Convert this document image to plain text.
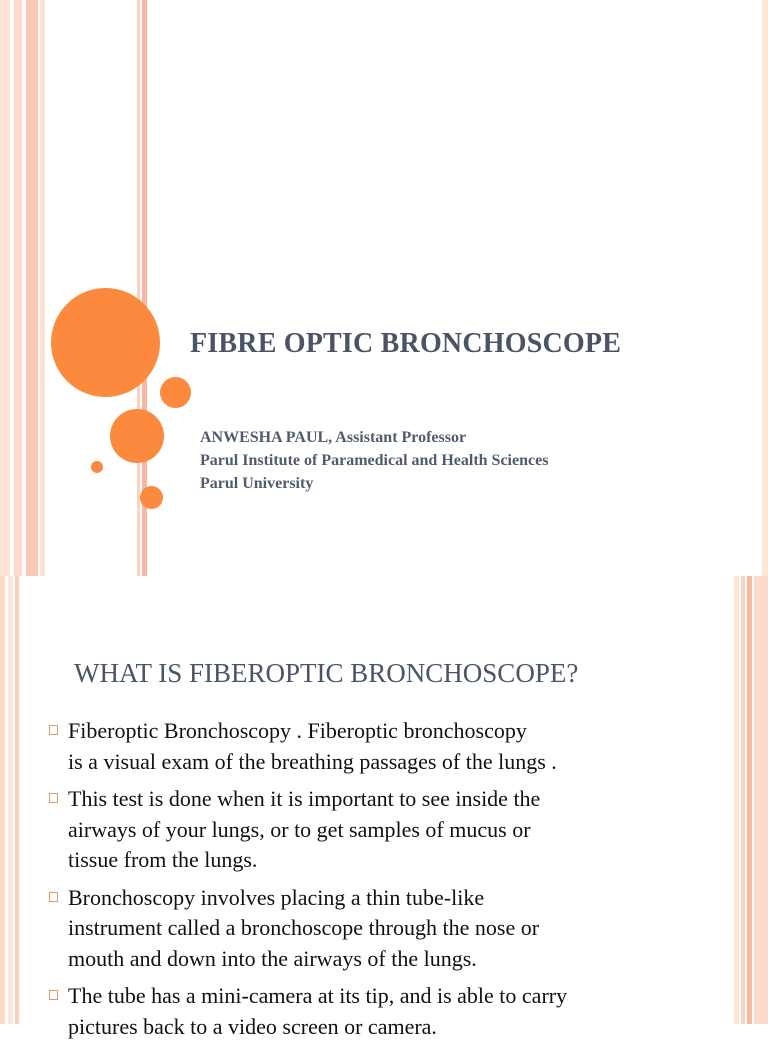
FIBRE OPTIC BRONCHOSCOPE
ANWESHA PAUL, Assistant Professor
Parul Institute of Paramedical and Health Sciences
Parul University
WHAT IS FIBEROPTIC BRONCHOSCOPE?
Fiberoptic Bronchoscopy . Fiberoptic bronchoscopy
is a visual exam of the breathing passages of the lungs .
This test is done when it is important to see inside the
airways of your lungs, or to get samples of mucus or
tissue from the lungs.
Bronchoscopy involves placing a thin tube-like
instrument called a bronchoscope through the nose or
mouth and down into the airways of the lungs.
The tube has a mini-camera at its tip, and is able to carry
pictures back to a video screen or camera.
